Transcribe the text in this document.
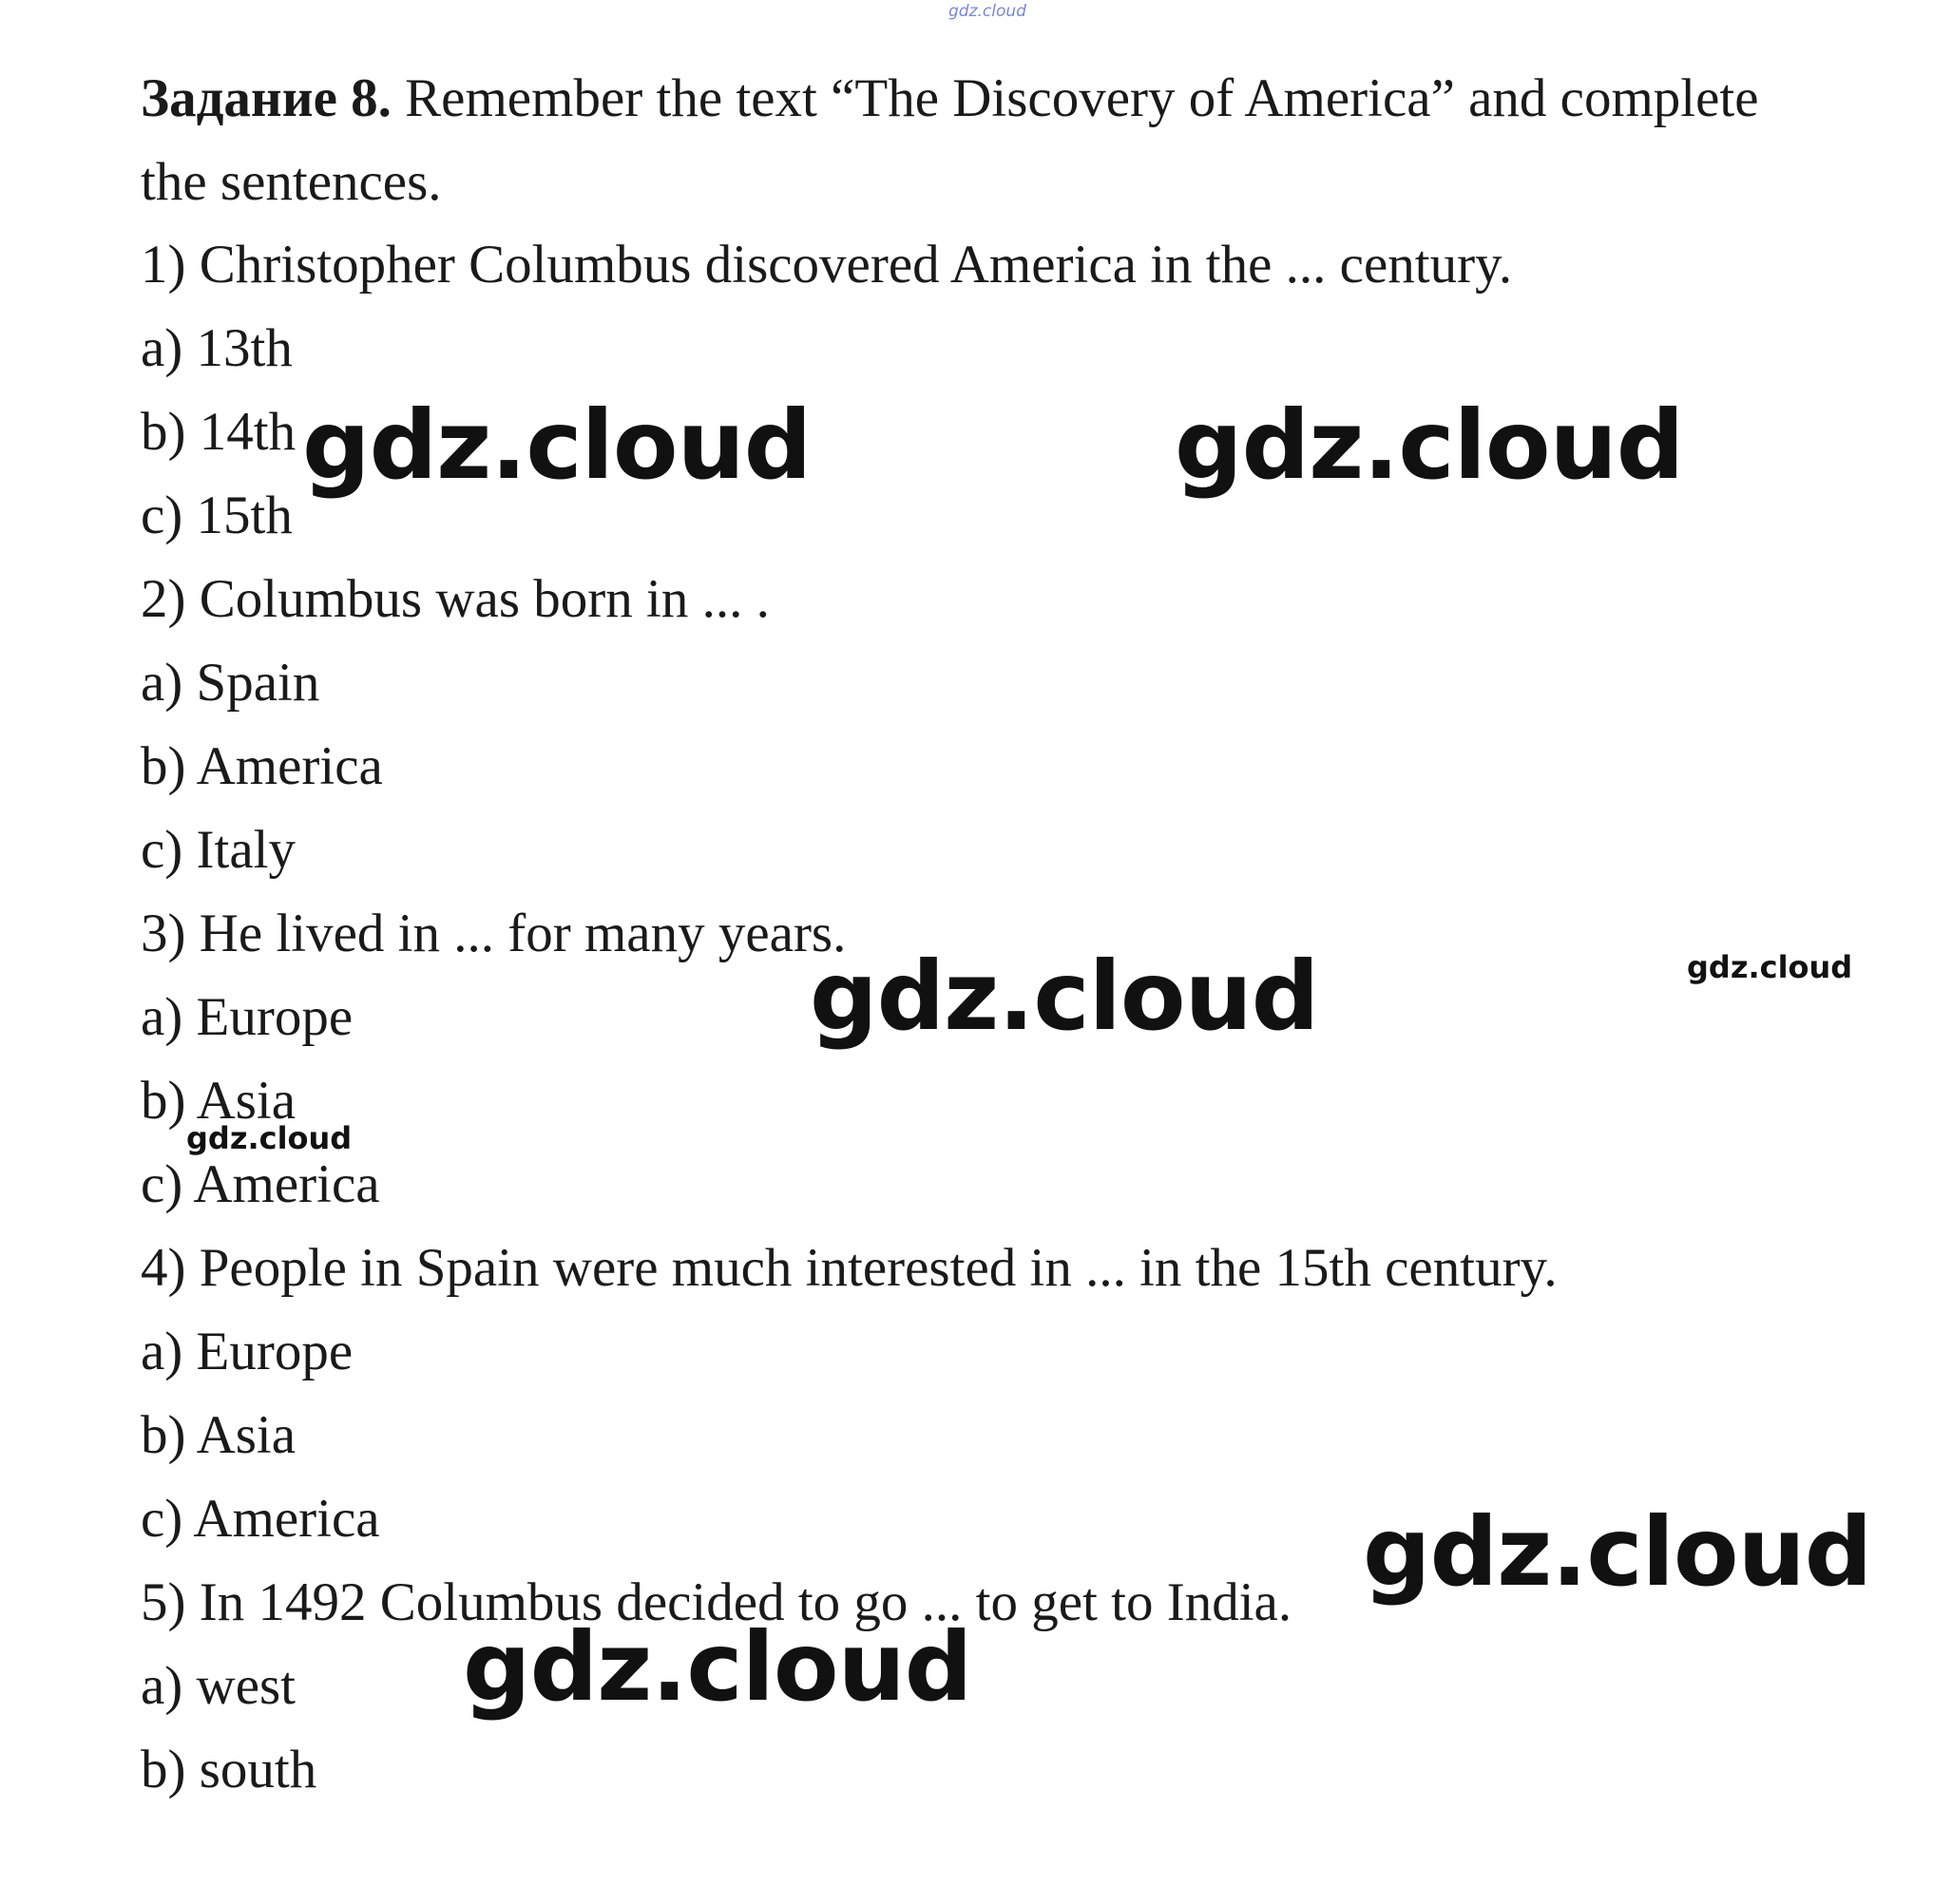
gdz.cloud
Задание 8. Remember the text “The Discovery of America” and complete
the sentences.
1) Christopher Columbus discovered America in the ... century.
a) 13th
b) 14th
c) 15th
2) Columbus was born in ... .
a) Spain
b) America
c) Italy
3) He lived in ... for many years.
a) Europe
b) Asia
c) America
4) People in Spain were much interested in ... in the 15th century.
a) Europe
b) Asia
c) America
5) In 1492 Columbus decided to go ... to get to India.
a) west
b) south
gdz.cloud	gdz.cloud
gdz.cloud	gdz.cloud
gdz.cloud
gdz.cloud
gdz.cloud
